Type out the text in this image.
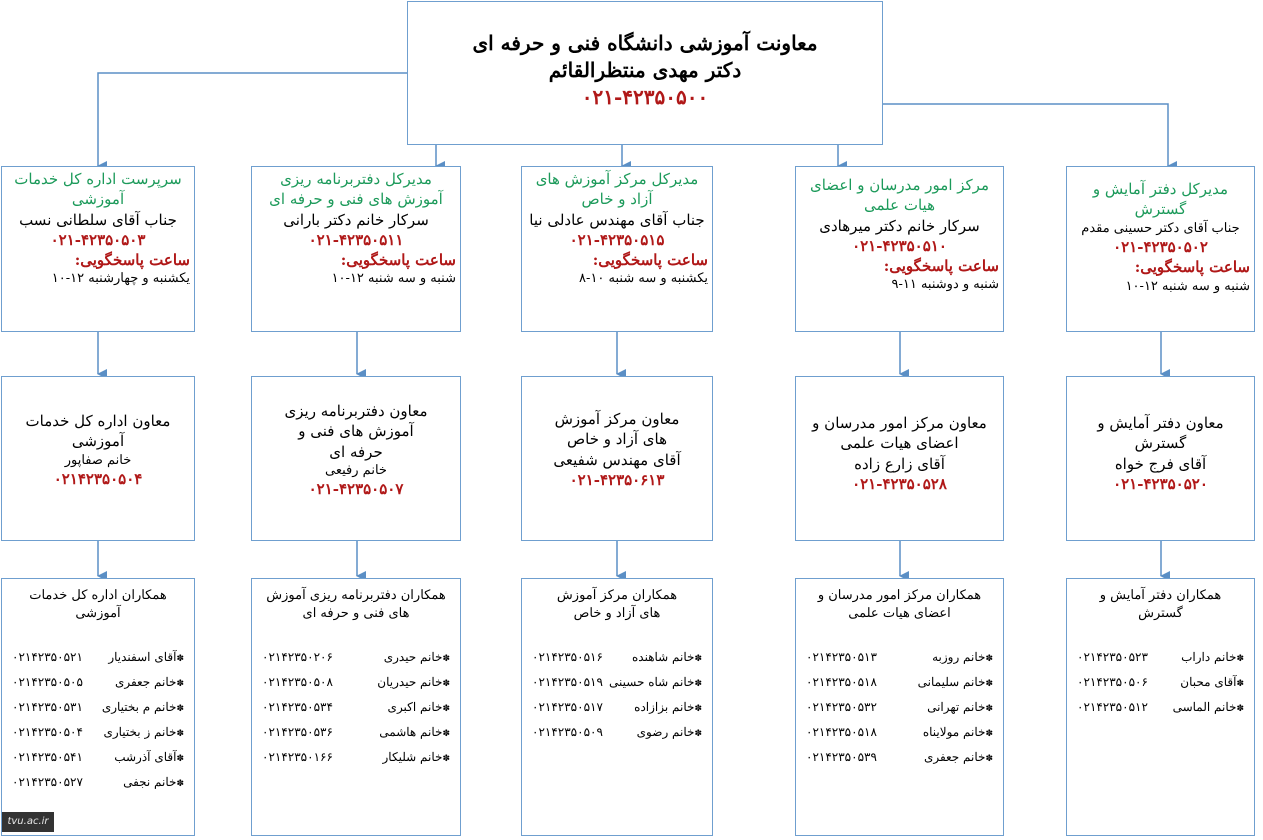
معاونت آموزشی دانشگاه فنی و حرفه ای
دکتر مهدی منتظرالقائم
۰۲۱-۴۲۳۵۰۵۰۰
سرپرست اداره کل خدمات آموزشی
جناب آقای سلطانی نسب
۰۲۱-۴۲۳۵۰۵۰۳
ساعت پاسخگویی:
یکشنبه و چهارشنبه ۱۲-۱۰
مدیرکل دفتربرنامه ریزی آموزش های فنی و حرفه ای
سرکار خانم دکتر بارانی
۰۲۱-۴۲۳۵۰۵۱۱
ساعت پاسخگویی:
شنبه و سه شنبه ۱۲-۱۰
مدیرکل مرکز آموزش های آزاد و خاص
جناب آقای مهندس عادلی نیا
۰۲۱-۴۲۳۵۰۵۱۵
ساعت پاسخگویی:
یکشنبه و سه شنبه ۱۰-۸
مرکز امور مدرسان و اعضای هیات علمی
سرکار خانم دکتر میرهادی
۰۲۱-۴۲۳۵۰۵۱۰
ساعت پاسخگویی:
شنبه و دوشنبه ۱۱-۹
مدیرکل دفتر آمایش و گسترش
جناب آقای دکتر حسینی مقدم
۰۲۱-۴۲۳۵۰۵۰۲
ساعت پاسخگویی:
شنبه و سه شنبه ۱۲-۱۰
معاون اداره کل خدمات آموزشی
خانم صفاپور
۰۲۱۴۲۳۵۰۵۰۴
معاون دفتربرنامه ریزی آموزش های فنی و حرفه ای
خانم رفیعی
۰۲۱-۴۲۳۵۰۵۰۷
معاون مرکز آموزش های آزاد و خاص
آقای مهندس شفیعی
۰۲۱-۴۲۳۵۰۶۱۳
معاون مرکز امور مدرسان و اعضای هیات علمی
آقای زارع زاده
۰۲۱-۴۲۳۵۰۵۲۸
معاون دفتر آمایش و گسترش
آقای فرج خواه
۰۲۱-۴۲۳۵۰۵۲۰
همکاران اداره کل خدمات آموزشی
✽ آقای اسفندیار
۰۲۱۴۲۳۵۰۵۲۱
✽ خانم جعفری
۰۲۱۴۲۳۵۰۵۰۵
✽ خانم م بختیاری
۰۲۱۴۲۳۵۰۵۳۱
✽ خانم ز بختیاری
۰۲۱۴۲۳۵۰۵۰۴
✽ آقای آذرشب
۰۲۱۴۲۳۵۰۵۴۱
✽ خانم نجفی
۰۲۱۴۲۳۵۰۵۲۷
همکاران دفتربرنامه ریزی آموزش های فنی و حرفه ای
✽ خانم حیدری
۰۲۱۴۲۳۵۰۲۰۶
✽ خانم حیدریان
۰۲۱۴۲۳۵۰۵۰۸
✽ خانم اکبری
۰۲۱۴۲۳۵۰۵۳۴
✽ خانم هاشمی
۰۲۱۴۲۳۵۰۵۳۶
✽ خانم شلیکار
۰۲۱۴۲۳۵۰۱۶۶
همکاران مرکز آموزش های آزاد و خاص
✽ خانم شاهنده
۰۲۱۴۲۳۵۰۵۱۶
✽ خانم شاه حسینی
۰۲۱۴۲۳۵۰۵۱۹
✽ خانم بزازاده
۰۲۱۴۲۳۵۰۵۱۷
✽ خانم رضوی
۰۲۱۴۲۳۵۰۵۰۹
همکاران مرکز امور مدرسان و اعضای هیات علمی
✽ خانم روزبه
۰۲۱۴۲۳۵۰۵۱۳
✽ خانم سلیمانی
۰۲۱۴۲۳۵۰۵۱۸
✽ خانم تهرانی
۰۲۱۴۲۳۵۰۵۳۲
✽ خانم مولایناه
۰۲۱۴۲۳۵۰۵۱۸
✽ خانم جعفری
۰۲۱۴۲۳۵۰۵۳۹
همکاران دفتر آمایش و گسترش
✽ خانم داراب
۰۲۱۴۲۳۵۰۵۲۳
✽ آقای محبان
۰۲۱۴۲۳۵۰۵۰۶
✽ خانم الماسی
۰۲۱۴۲۳۵۰۵۱۲
tvu.ac.ir
